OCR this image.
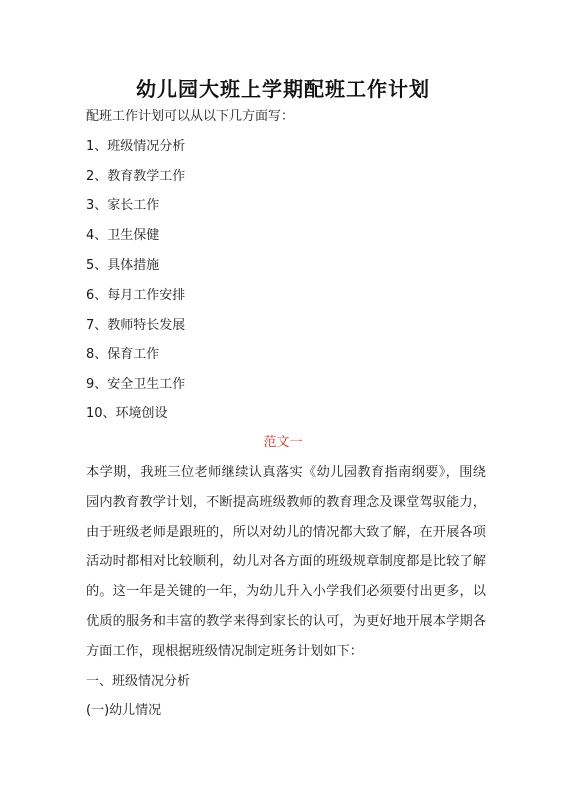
幼儿园大班上学期配班工作计划
配班工作计划可以从以下几方面写：
1、班级情况分析
2、教育教学工作
3、家长工作
4、卫生保健
5、具体措施
6、每月工作安排
7、教师特长发展
8、保育工作
9、安全卫生工作
10、环境创设
范文一
本学期，我班三位老师继续认真落实《幼儿园教育指南纲要》，围绕
园内教育教学计划，不断提高班级教师的教育理念及课堂驾驭能力，
由于班级老师是跟班的，所以对幼儿的情况都大致了解，在开展各项
活动时都相对比较顺利，幼儿对各方面的班级规章制度都是比较了解
的。这一年是关键的一年，为幼儿升入小学我们必须要付出更多，以
优质的服务和丰富的教学来得到家长的认可，为更好地开展本学期各
方面工作，现根据班级情况制定班务计划如下：
一、班级情况分析
(一)幼儿情况
